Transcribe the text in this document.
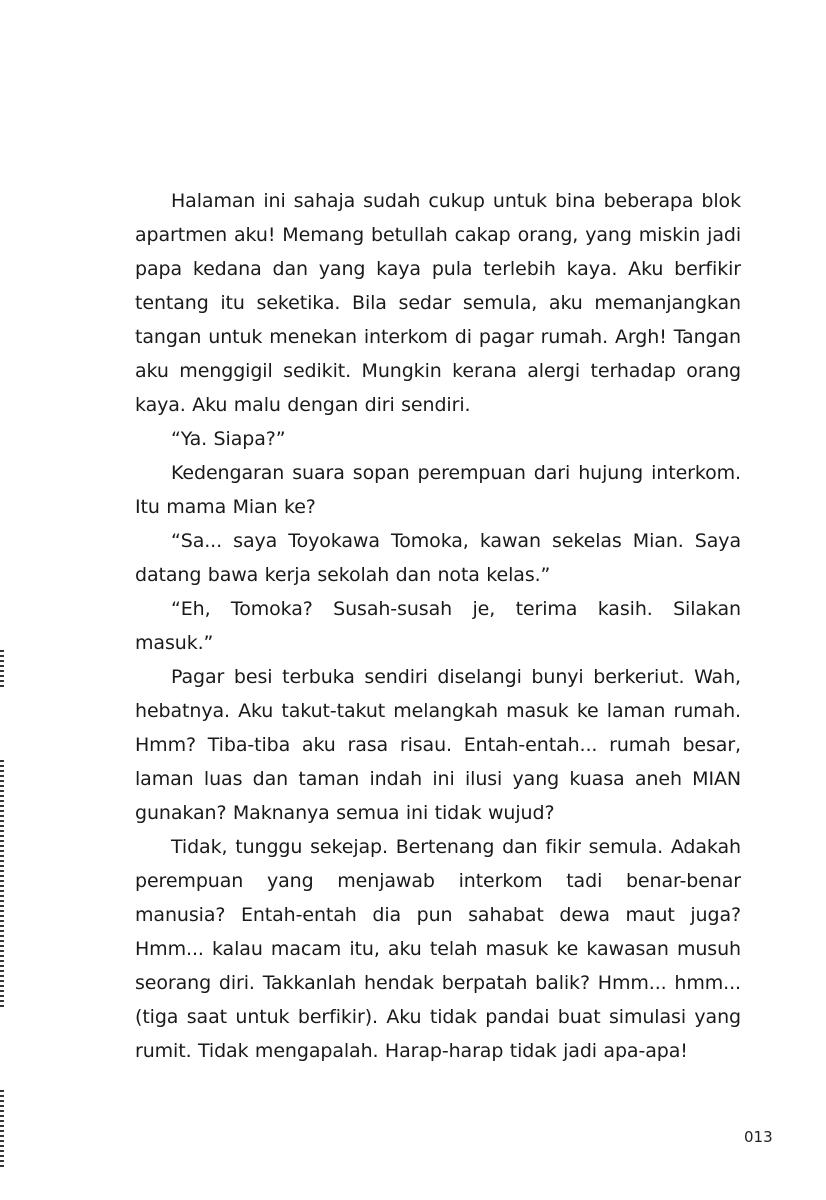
Halaman ini sahaja sudah cukup untuk bina beberapa blok apartmen aku! Memang betullah cakap orang, yang miskin jadi papa kedana dan yang kaya pula terlebih kaya. Aku berfikir tentang itu seketika. Bila sedar semula, aku memanjangkan tangan untuk menekan interkom di pagar rumah. Argh! Tangan aku menggigil sedikit. Mungkin kerana alergi terhadap orang kaya. Aku malu dengan diri sendiri.

“Ya. Siapa?”

Kedengaran suara sopan perempuan dari hujung interkom. Itu mama Mian ke?

“Sa... saya Toyokawa Tomoka, kawan sekelas Mian. Saya datang bawa kerja sekolah dan nota kelas.”

“Eh, Tomoka? Susah-susah je, terima kasih. Silakan masuk.”

Pagar besi terbuka sendiri diselangi bunyi berkeriut. Wah, hebatnya. Aku takut-takut melangkah masuk ke laman rumah. Hmm? Tiba-tiba aku rasa risau. Entah-entah... rumah besar, laman luas dan taman indah ini ilusi yang kuasa aneh MIAN gunakan? Maknanya semua ini tidak wujud?

Tidak, tunggu sekejap. Bertenang dan fikir semula. Adakah perempuan yang menjawab interkom tadi benar-benar manusia? Entah-entah dia pun sahabat dewa maut juga? Hmm... kalau macam itu, aku telah masuk ke kawasan musuh seorang diri. Takkanlah hendak berpatah balik? Hmm... hmm... (tiga saat untuk berfikir). Aku tidak pandai buat simulasi yang rumit. Tidak mengapalah. Harap-harap tidak jadi apa-apa!

013
